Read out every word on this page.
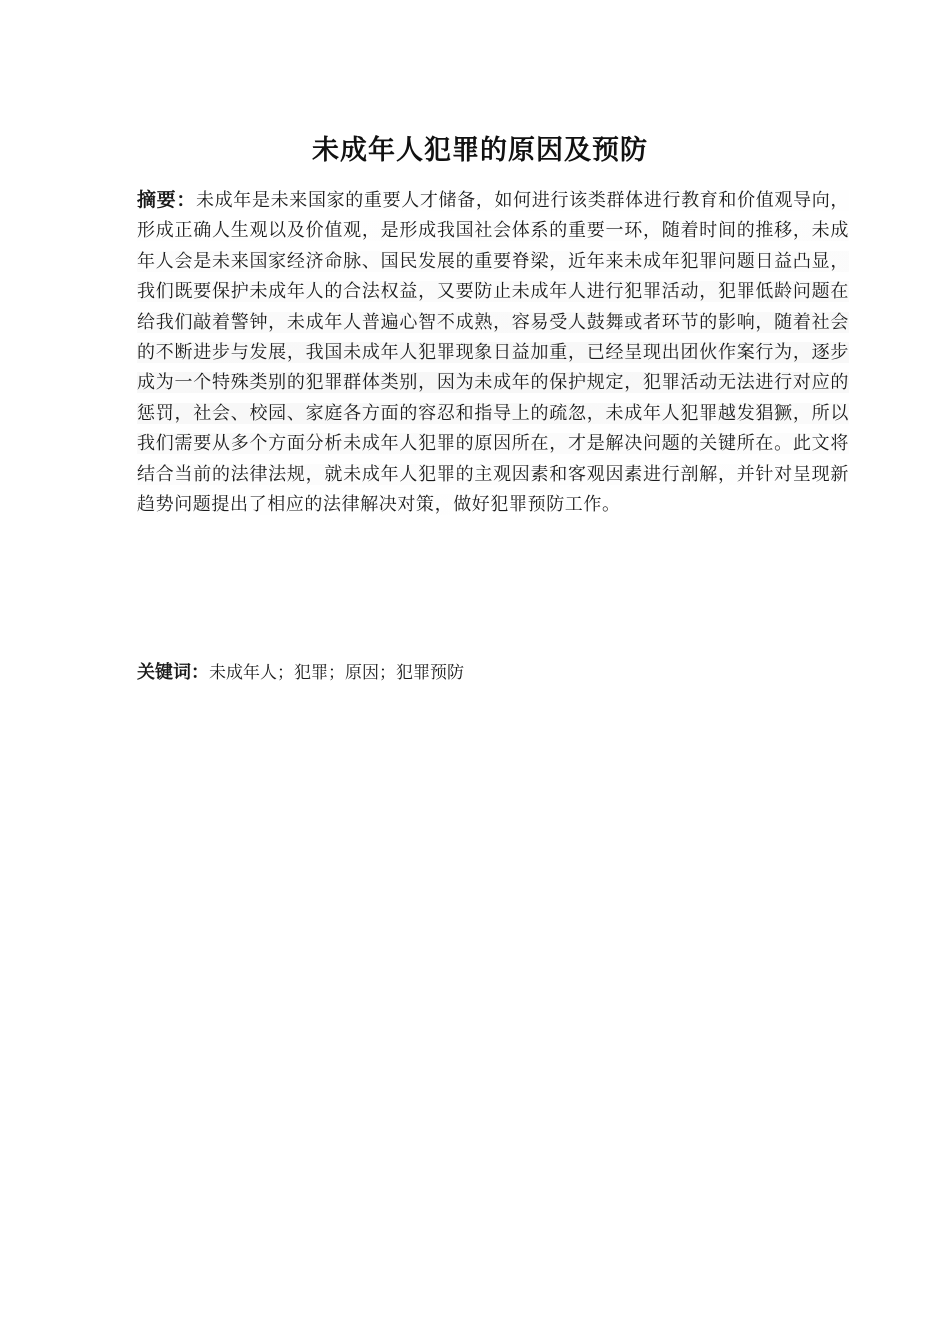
未成年人犯罪的原因及预防
摘要：未成年是未来国家的重要人才储备，如何进行该类群体进行教育和价值观导向，形成正确人生观以及价值观，是形成我国社会体系的重要一环，随着时间的推移，未成年人会是未来国家经济命脉、国民发展的重要脊梁，近年来未成年犯罪问题日益凸显，我们既要保护未成年人的合法权益，又要防止未成年人进行犯罪活动，犯罪低龄问题在给我们敲着警钟，未成年人普遍心智不成熟，容易受人鼓舞或者环节的影响，随着社会的不断进步与发展，我国未成年人犯罪现象日益加重，已经呈现出团伙作案行为，逐步成为一个特殊类别的犯罪群体类别，因为未成年的保护规定，犯罪活动无法进行对应的惩罚，社会、校园、家庭各方面的容忍和指导上的疏忽，未成年人犯罪越发猖獗，所以我们需要从多个方面分析未成年人犯罪的原因所在，才是解决问题的关键所在。此文将结合当前的法律法规，就未成年人犯罪的主观因素和客观因素进行剖解，并针对呈现新趋势问题提出了相应的法律解决对策，做好犯罪预防工作。
关键词：未成年人；犯罪；原因；犯罪预防
